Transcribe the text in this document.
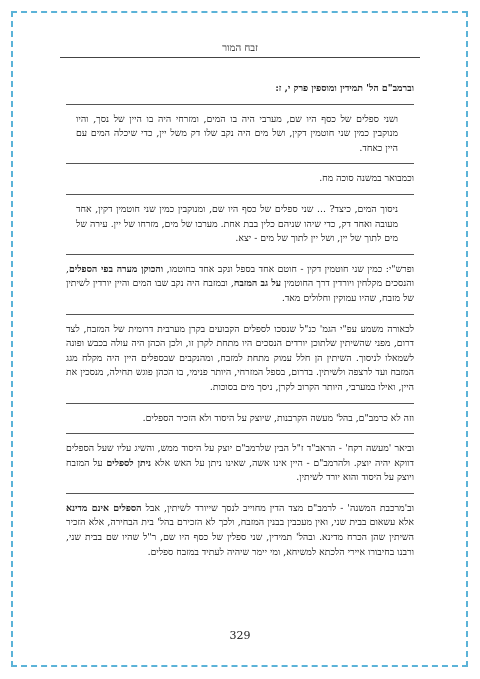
זבח המור

וברמב"ם הל' תמידין ומוספין פרק י, ז:

ושני ספלים של כסף היו שם, מערבי היה בו המים, ומזרחי היה בו היין של נסך, והיו מנוקבין כמין שני חוטמין דקין, ושל מים היה נקב שלו דק משל יין, כדי שיכלה המים עם היין כאחד.

וכמבואר במשנה סוכה מח.

ניסוך המים, כיצד? ... שני ספלים של כסף היו שם, ומנוקבין כמין שני חוטמין דקין, אחד מעובה ואחד דק, כדי שיהו שניהם כלין בבת אחת. מערבו של מים, מזרחו של יין. עירה של מים לתוך של יין, ושל יין לתוך של מים - יצא.

ופרש"י: כמין שני חוטמין דקין - חוטם אחד בספל ונקב אחד בחוטמו, והכוקן מערה בפי הספלים, והנסכים מקלחין ויורדין דרך החוטמין על גב המזבח, ובמזבח היה נקב שבו המים והיין יורדין לשיתין של מזבח, שהיו עמוקין וחלולים מאד.

לכאורה משמע עפ"י הגמ' כנ"ל שנסכו לספלים הקבועים בקרן מערבית דרומית של המזבח, לצד דרום, מפני שהשיתין שלתוכן יורדים הנסכים היו מתחת לקרן זו, ולכן הכהן היה עולה בכבש ופונה לשמאלו לניסוך. השיתין הן חלל עמוק מתחת למזבח, ומהנקבים שבספלים היין היה מקלח מגג המזבח ועד לרצפה ולשיתין. בדרום, בספל המזרחי, היותר פנימי, בו הכהן פוגש תחילה, מנסכין את היין, ואילו במערבי, היותר הקרוב לקרן, ניסך מים בסוכות.

וזה לא כרמב"ם, בהל' מעשה הקרבנות, שיוצק על היסוד ולא הזכיר הספלים.

וביאר 'מעשה רקח' - הראב"ד ז"ל הבין שלרמב"ם יוצק על היסוד ממש, והשיג עליו שעל הספלים דווקא יהיה יוצק. ולהרמב"ם - היין אינו אשה, שאינו ניתן על האש אלא ניתן לספלים על המזבח ויוצק על היסוד והוא יורד לשיתין.

וב'מרכבת המשנה' - לרמב"ם מצד הדין מחוייב לנסך שייורד לשיתין, אבל הספלים אינם מדינא אלא עשאום בבית שני, ואין מעכבין בבנין המזבח, ולכך לא הזכירם בהל' בית הבחירה, אלא הזכיר השיתין שהן הכרח מדינא. ובהל' תמידין, שני ספלין של כסף היו שם, ר"ל שהיו שם בבית שני, ורבנו בחיבורו איירי הלכתא למשיחא, ומי יימר שיהיה לעתיד במזבח ספלים.

329
